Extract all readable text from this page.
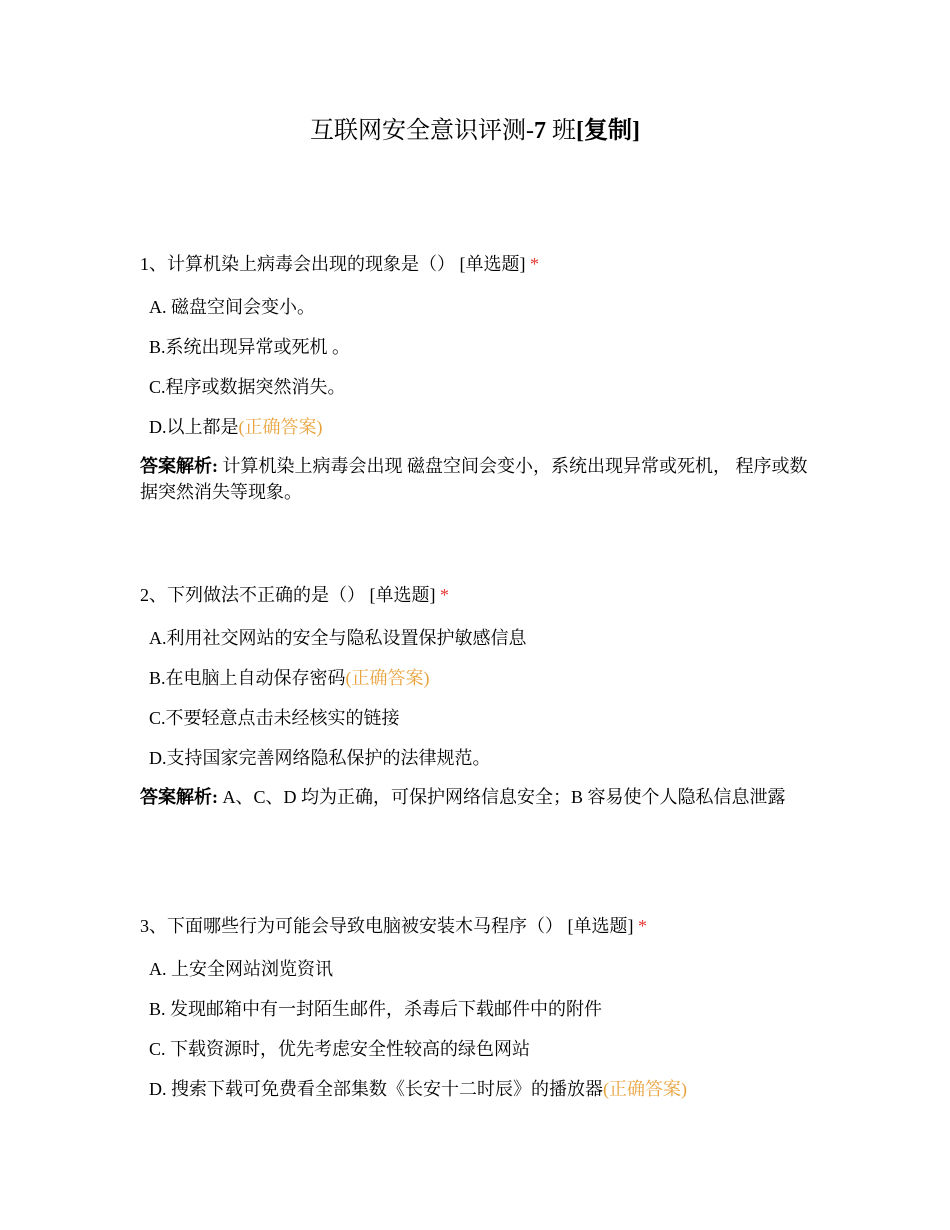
互联网安全意识评测-7 班[复制]
1、计算机染上病毒会出现的现象是（） [单选题] *
A. 磁盘空间会变小。
B.系统出现异常或死机 。
C.程序或数据突然消失。
D.以上都是(正确答案)
答案解析: 计算机染上病毒会出现 磁盘空间会变小，系统出现异常或死机， 程序或数据突然消失等现象。
2、下列做法不正确的是（） [单选题] *
A.利用社交网站的安全与隐私设置保护敏感信息
B.在电脑上自动保存密码(正确答案)
C.不要轻意点击未经核实的链接
D.支持国家完善网络隐私保护的法律规范。
答案解析: A、C、D 均为正确，可保护网络信息安全；B 容易使个人隐私信息泄露
3、下面哪些行为可能会导致电脑被安装木马程序（） [单选题] *
A. 上安全网站浏览资讯
B. 发现邮箱中有一封陌生邮件，杀毒后下载邮件中的附件
C. 下载资源时，优先考虑安全性较高的绿色网站
D. 搜索下载可免费看全部集数《长安十二时辰》的播放器(正确答案)
